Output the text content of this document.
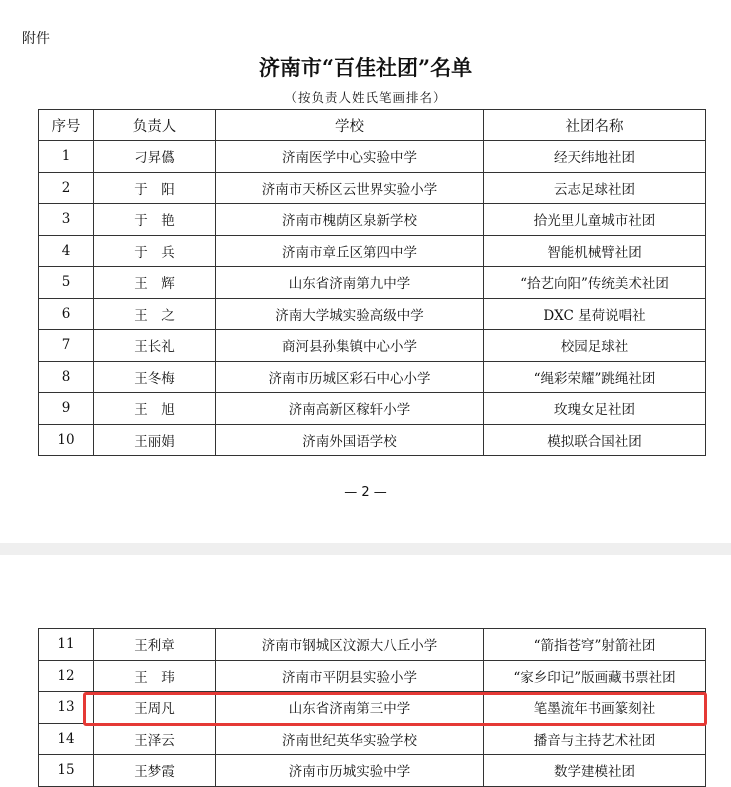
附件
济南市“百佳社团”名单
（按负责人姓氏笔画排名）
序号	负责人	学校	社团名称
1	刁昇儰	济南医学中心实验中学	经天纬地社团
2	于　阳	济南市天桥区云世界实验小学	云志足球社团
3	于　艳	济南市槐荫区泉新学校	拾光里儿童城市社团
4	于　兵	济南市章丘区第四中学	智能机械臂社团
5	王　辉	山东省济南第九中学	“拾艺向阳”传统美术社团
6	王　之	济南大学城实验高级中学	DXC 星荷说唱社
7	王长礼	商河县孙集镇中心小学	校园足球社
8	王冬梅	济南市历城区彩石中心小学	“绳彩荣耀”跳绳社团
9	王　旭	济南高新区稼轩小学	玫瑰女足社团
10	王丽娟	济南外国语学校	模拟联合国社团
— 2 —
11	王利章	济南市钢城区汶源大八丘小学	“箭指苍穹”射箭社团
12	王　玮	济南市平阴县实验小学	“家乡印记”版画藏书票社团
13	王周凡	山东省济南第三中学	笔墨流年书画篆刻社
14	王泽云	济南世纪英华实验学校	播音与主持艺术社团
15	王梦霞	济南市历城实验中学	数学建模社团
